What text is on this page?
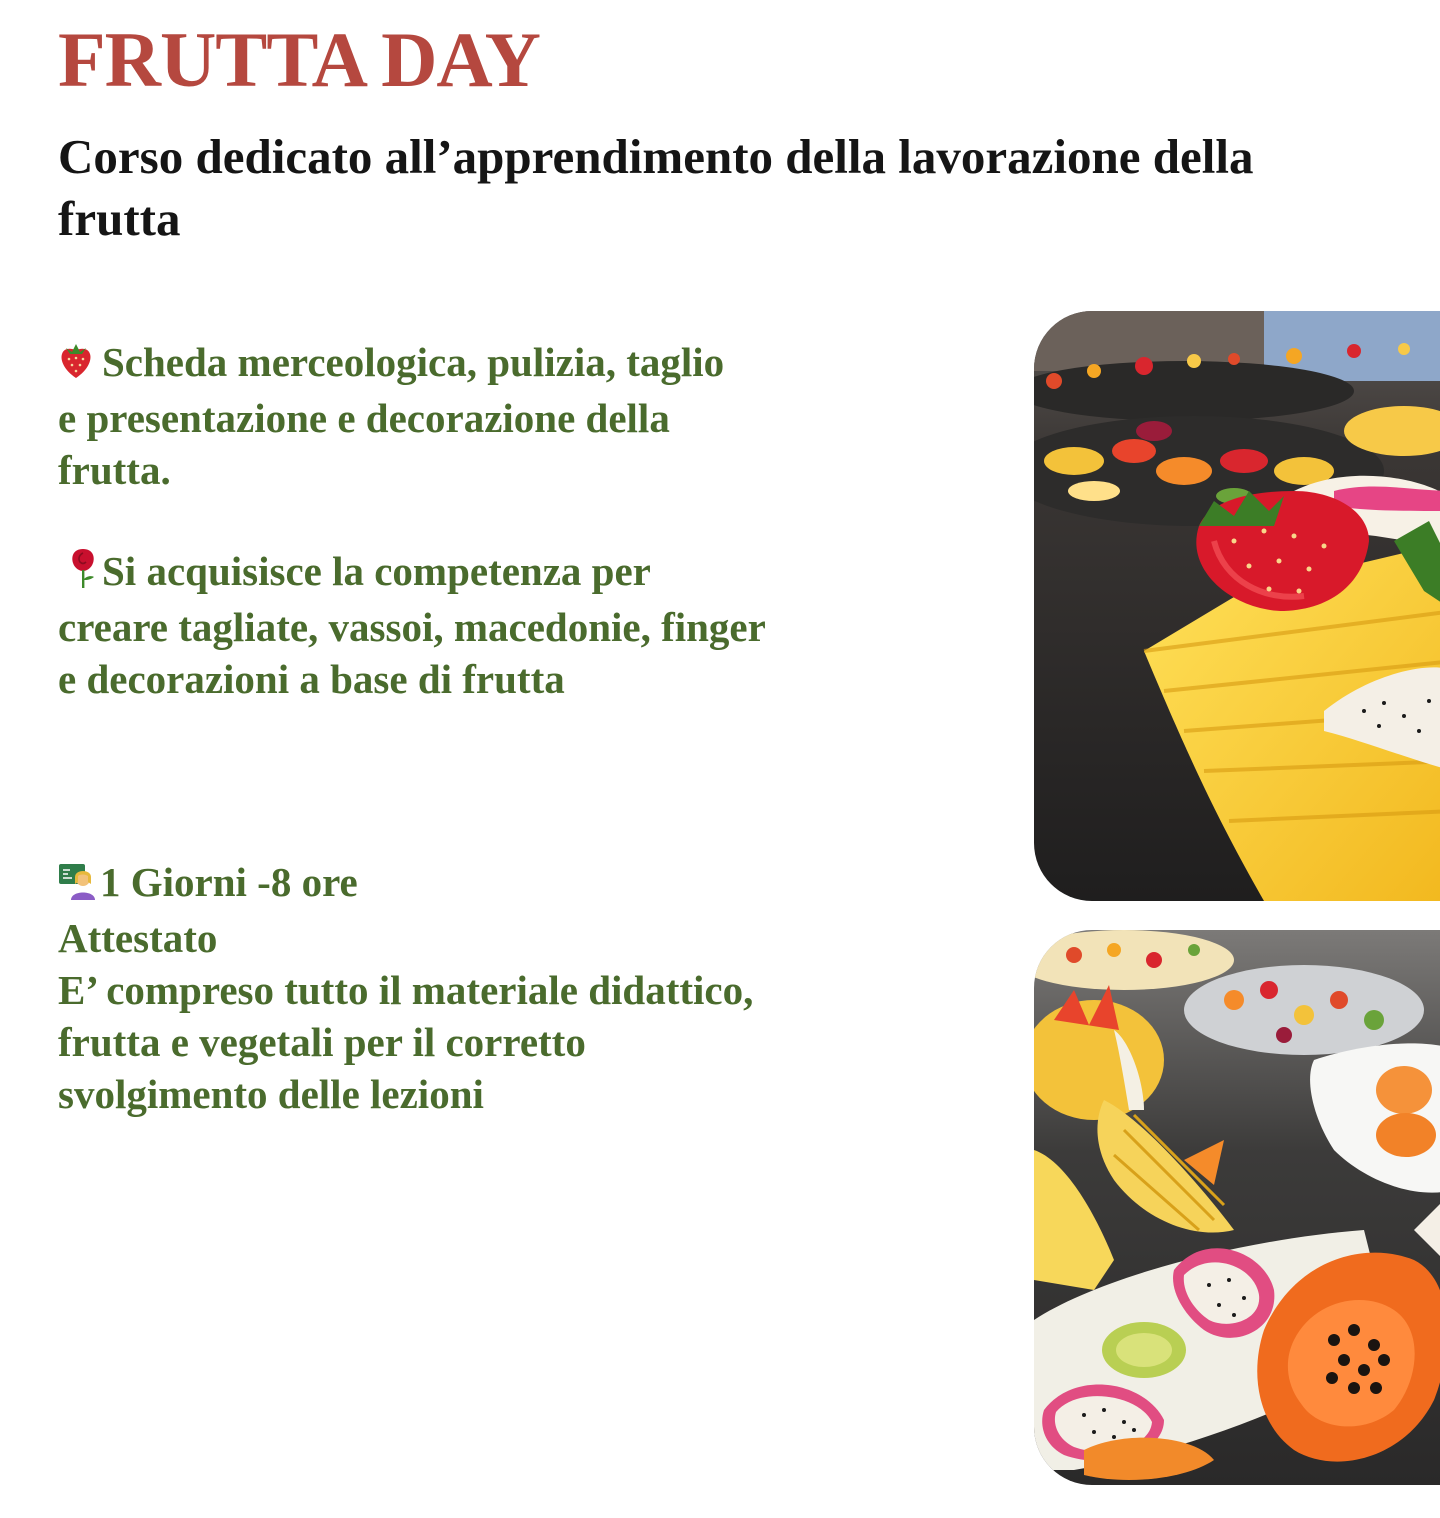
FRUTTA DAY
Corso dedicato all’apprendimento della lavorazione della frutta
Scheda merceologica, pulizia, taglio
e presentazione e decorazione della
frutta.
Si acquisisce la competenza per
creare tagliate, vassoi, macedonie, finger
e decorazioni a base di frutta
1 Giorni -8 ore
Attestato
E’ compreso tutto il materiale didattico,
frutta e vegetali per il corretto
svolgimento delle lezioni
